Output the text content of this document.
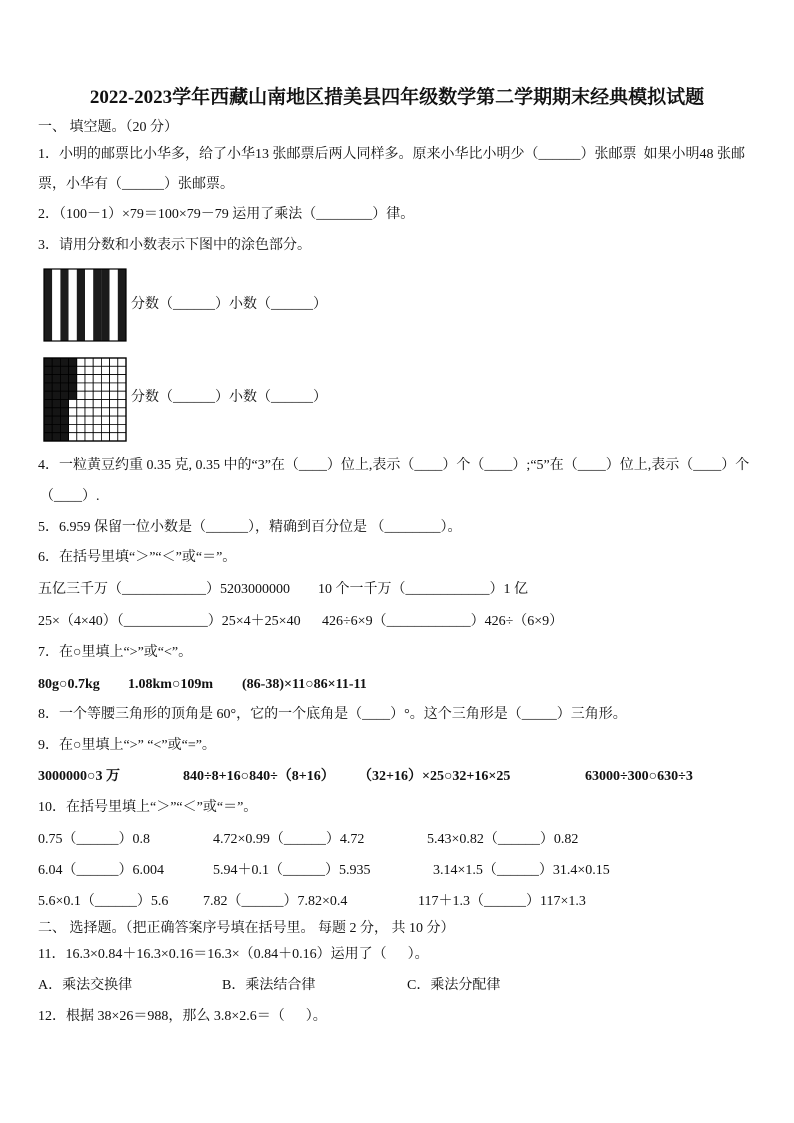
2022-2023学年西藏山南地区措美县四年级数学第二学期期末经典模拟试题
一、 填空题。（20 分）
1．小明的邮票比小华多，给了小华13 张邮票后两人同样多。原来小华比小明少（______）张邮票  如果小明48 张邮
票，小华有（______）张邮票。
2．（100－1）×79＝100×79－79 运用了乘法（________）律。
3．请用分数和小数表示下图中的涂色部分。
分数（______）小数（______）
分数（______）小数（______）
4．一粒黄豆约重 0.35 克, 0.35 中的“3”在（____）位上,表示（____）个（____）;“5”在（____）位上,表示（____）个
（____）.
5．6.959 保留一位小数是（______），精确到百分位是 （________）。
6．在括号里填“＞”“＜”或“＝”。
五亿三千万（____________）5203000000 10 个一千万（____________）1 亿
25×（4×40）（____________）25×4＋25×40 426÷6×9（____________）426÷（6×9）
7．在○里填上“>”或“<”。
80g○0.7kg 1.08km○109m (86-38)×11○86×11-11
8．一个等腰三角形的顶角是 60°，它的一个底角是（____）°。这个三角形是（_____）三角形。
9．在○里填上“>” “<”或“=”。
3000000○3 万	840÷8+16○840÷（8+16） （32+16）×25○32+16×25	63000÷300○630÷3
10．在括号里填上“＞”“＜”或“＝”。
0.75（______）0.8	4.72×0.99（______）4.72	5.43×0.82（______）0.82
6.04（______）6.004	5.94＋0.1（______）5.935	3.14×1.5（______）31.4×0.15
5.6×0.1（______）5.6 7.82（______）7.82×0.4	117＋1.3（______）117×1.3
二、 选择题。（把正确答案序号填在括号里。 每题 2 分， 共 10 分）
11．16.3×0.84＋16.3×0.16＝16.3×（0.84＋0.16）运用了（      ）。
A．乘法交换律	B．乘法结合律	C．乘法分配律
12．根据 38×26＝988，那么 3.8×2.6＝（      ）。
